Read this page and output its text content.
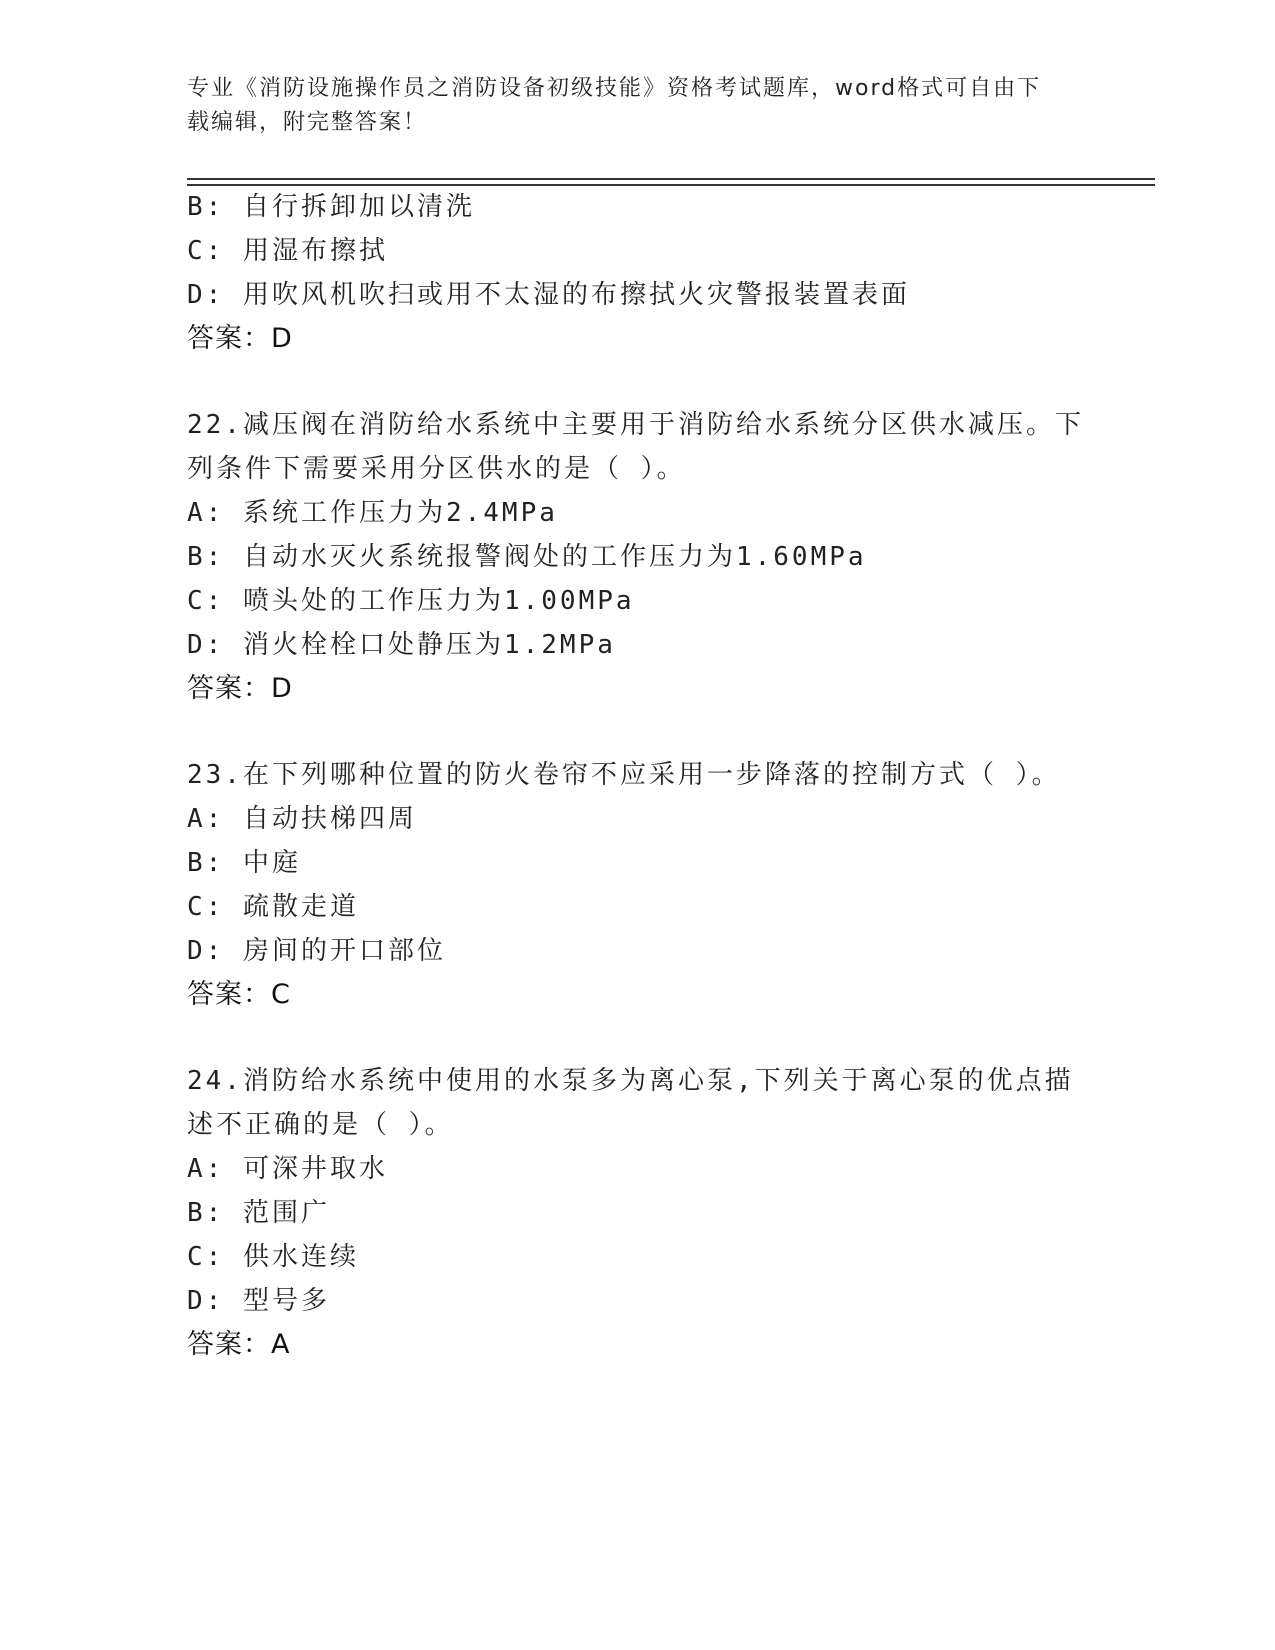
专业《消防设施操作员之消防设备初级技能》资格考试题库，word格式可自由下
载编辑，附完整答案！
B: 自行拆卸加以清洗
C: 用湿布擦拭
D: 用吹风机吹扫或用不太湿的布擦拭火灾警报装置表面
答案：D
22.减压阀在消防给水系统中主要用于消防给水系统分区供水减压。下
列条件下需要采用分区供水的是（ ）。
A: 系统工作压力为2.4MPa
B: 自动水灭火系统报警阀处的工作压力为1.60MPa
C: 喷头处的工作压力为1.00MPa
D: 消火栓栓口处静压为1.2MPa
答案：D
23.在下列哪种位置的防火卷帘不应采用一步降落的控制方式（ ）。
A: 自动扶梯四周
B: 中庭
C: 疏散走道
D: 房间的开口部位
答案：C
24.消防给水系统中使用的水泵多为离心泵,下列关于离心泵的优点描
述不正确的是（ ）。
A: 可深井取水
B: 范围广
C: 供水连续
D: 型号多
答案：A
